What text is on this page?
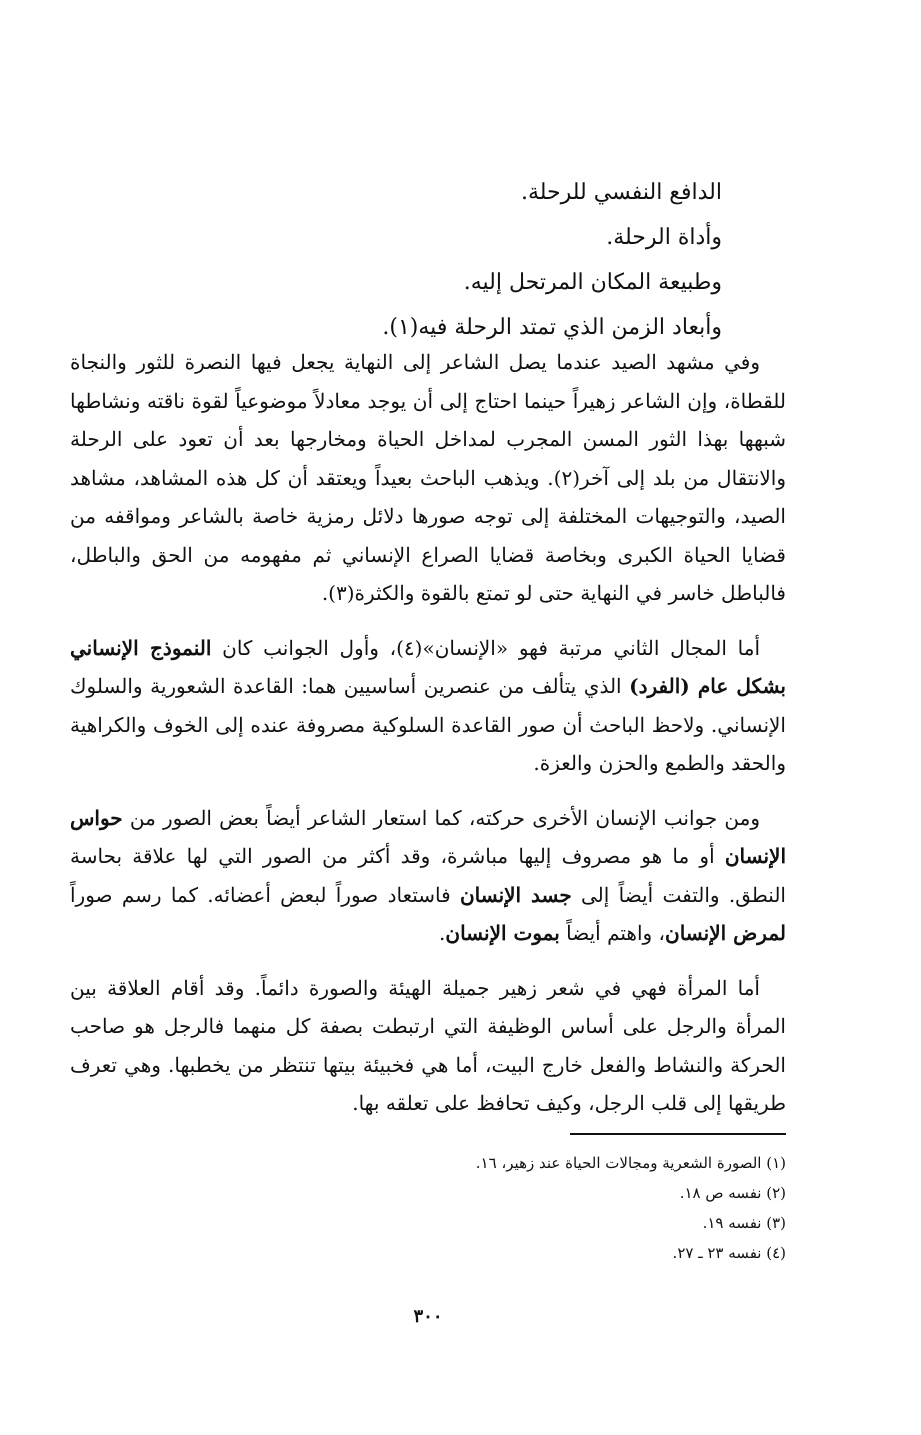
الدافع النفسي للرحلة.
وأداة الرحلة.
وطبيعة المكان المرتحل إليه.
وأبعاد الزمن الذي تمتد الرحلة فيه(١).

وفي مشهد الصيد عندما يصل الشاعر إلى النهاية يجعل فيها النصرة للثور والنجاة للقطاة، وإن الشاعر زهيراً حينما احتاج إلى أن يوجد معادلاً موضوعياً لقوة ناقته ونشاطها شبهها بهذا الثور المسن المجرب لمداخل الحياة ومخارجها بعد أن تعود على الرحلة والانتقال من بلد إلى آخر(٢). ويذهب الباحث بعيداً ويعتقد أن كل هذه المشاهد، مشاهد الصيد، والتوجيهات المختلفة إلى توجه صورها دلائل رمزية خاصة بالشاعر ومواقفه من قضايا الحياة الكبرى وبخاصة قضايا الصراع الإنساني ثم مفهومه من الحق والباطل، فالباطل خاسر في النهاية حتى لو تمتع بالقوة والكثرة(٣).

أما المجال الثاني مرتبة فهو «الإنسان»(٤)، وأول الجوانب كان النموذج الإنساني بشكل عام (الفرد) الذي يتألف من عنصرين أساسيين هما: القاعدة الشعورية والسلوك الإنساني. ولاحظ الباحث أن صور القاعدة السلوكية مصروفة عنده إلى الخوف والكراهية والحقد والطمع والحزن والعزة.

ومن جوانب الإنسان الأخرى حركته، كما استعار الشاعر أيضاً بعض الصور من حواس الإنسان أو ما هو مصروف إليها مباشرة، وقد أكثر من الصور التي لها علاقة بحاسة النطق. والتفت أيضاً إلى جسد الإنسان فاستعاد صوراً لبعض أعضائه. كما رسم صوراً لمرض الإنسان، واهتم أيضاً بموت الإنسان.

أما المرأة فهي في شعر زهير جميلة الهيئة والصورة دائماً. وقد أقام العلاقة بين المرأة والرجل على أساس الوظيفة التي ارتبطت بصفة كل منهما فالرجل هو صاحب الحركة والنشاط والفعل خارج البيت، أما هي فخبيئة بيتها تنتظر من يخطبها. وهي تعرف طريقها إلى قلب الرجل، وكيف تحافظ على تعلقه بها.

(١) الصورة الشعرية ومجالات الحياة عند زهير، ١٦.
(٢) نفسه ص ١٨.
(٣) نفسه ١٩.
(٤) نفسه ٢٣ ـ ٢٧.
٣٠٠
